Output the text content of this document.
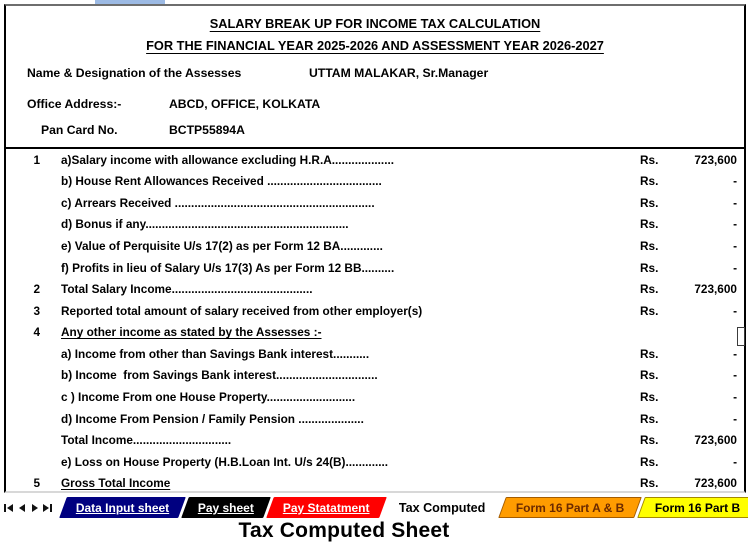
SALARY BREAK UP FOR INCOME TAX CALCULATION
FOR THE FINANCIAL YEAR 2025-2026 AND ASSESSMENT YEAR 2026-2027
Name & Designation of the Assesses	UTTAM MALAKAR, Sr.Manager
Office Address:-	ABCD, OFFICE, KOLKATA
Pan Card No.	BCTP55894A
1 a)Salary income with allowance excluding H.R.A...................	Rs.	723,600
b) House Rent Allowances Received ...................................	Rs.	-
c) Arrears Received .............................................................	Rs.	-
d) Bonus if any..............................................................	Rs.	-
e) Value of Perquisite U/s 17(2) as per Form 12 BA.............	Rs.	-
f) Profits in lieu of Salary U/s 17(3) As per Form 12 BB..........	Rs.	-
2 Total Salary Income...........................................	Rs.	723,600
3 Reported total amount of salary received from other employer(s)	Rs.	-
4 Any other income as stated by the Assesses :-
a) Income from other than Savings Bank interest...........	Rs.	-
b) Income  from Savings Bank interest...............................	Rs.	-
c ) Income From one House Property...........................	Rs.	-
d) Income From Pension / Family Pension ....................	Rs.	-
Total Income..............................	Rs.	723,600
e) Loss on House Property (H.B.Loan Int. U/s 24(B).............	Rs.	-
5 Gross Total Income	Rs.	723,600
Data Input sheet Pay sheet Pay Statatment Tax Computed	Form 16 Part A & B	Form 16 Part B
Tax Computed Sheet
